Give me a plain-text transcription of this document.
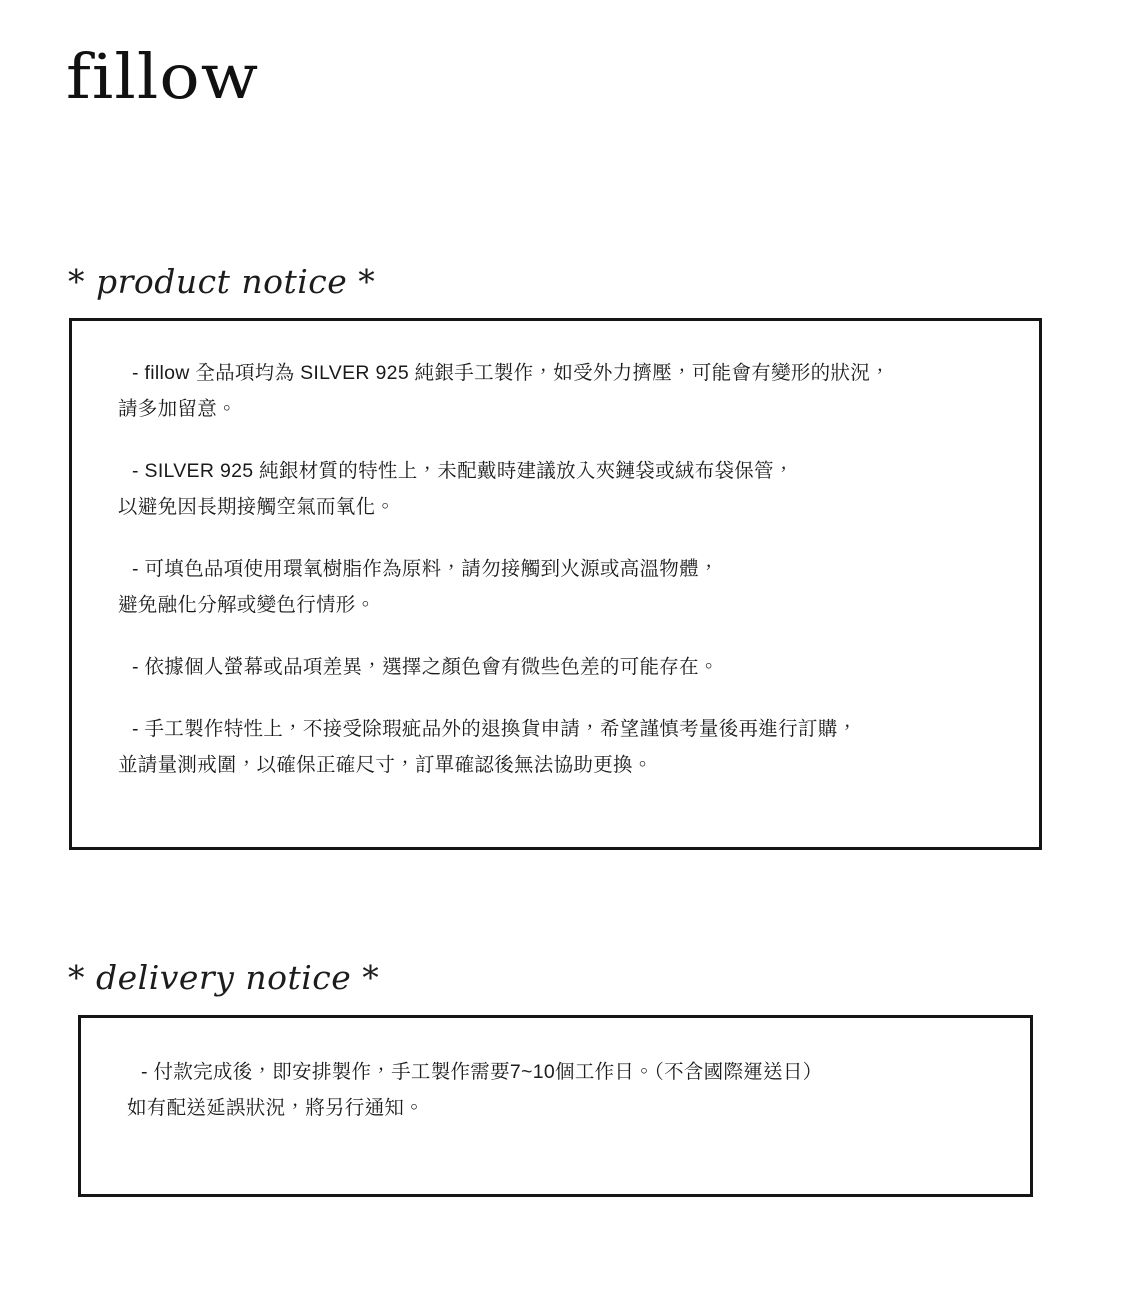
fillow
* product notice *

- fillow 全品項均為 SILVER 925 純銀手工製作，如受外力擠壓，可能會有變形的狀況，
請多加留意。

- SILVER 925 純銀材質的特性上，未配戴時建議放入夾鏈袋或絨布袋保管，
以避免因長期接觸空氣而氧化。

- 可填色品項使用環氧樹脂作為原料，請勿接觸到火源或高溫物體，
避免融化分解或變色行情形。

- 依據個人螢幕或品項差異，選擇之顏色會有微些色差的可能存在。

- 手工製作特性上，不接受除瑕疵品外的退換貨申請，希望謹慎考量後再進行訂購，
並請量測戒圍，以確保正確尺寸，訂單確認後無法協助更換。

* delivery notice *

- 付款完成後，即安排製作，手工製作需要7~10個工作日。（不含國際運送日）
如有配送延誤狀況，將另行通知。
